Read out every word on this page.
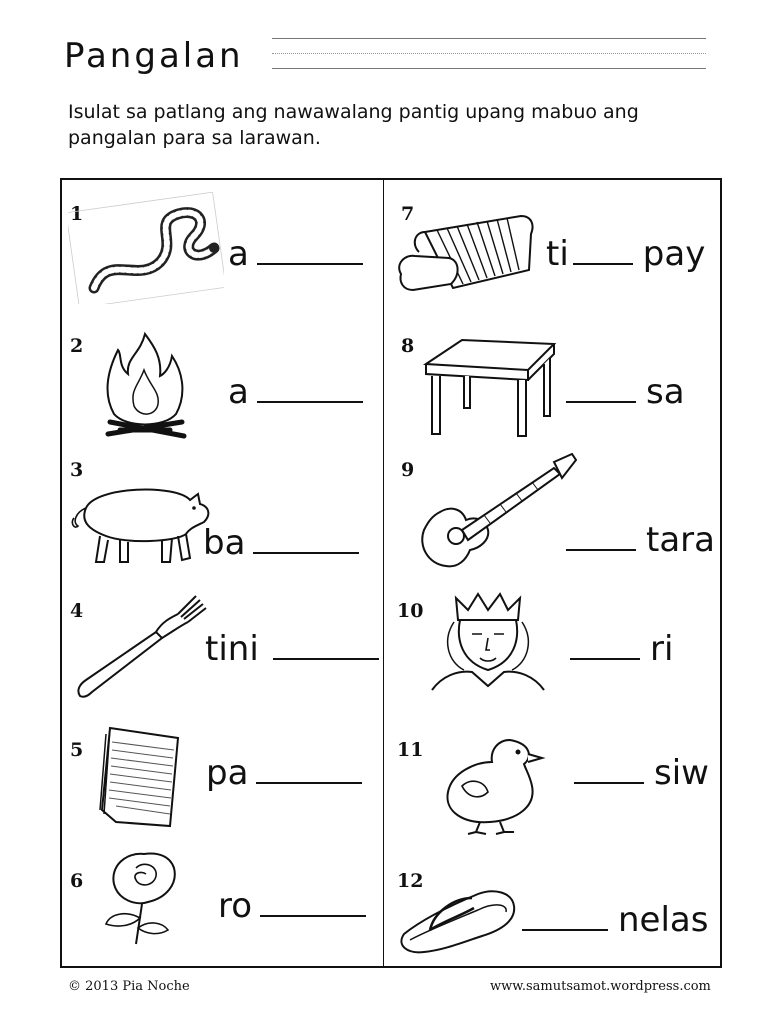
Pangalan
Isulat sa patlang ang nawawalang pantig upang mabuo ang pangalan para sa larawan.
1
a
2
a
3
ba
4
tini
5
pa
6
ro
7
ti pay
8
sa
9
tara
10
ri
11
siw
12
nelas
© 2013 Pia Noche	www.samutsamot.wordpress.com
